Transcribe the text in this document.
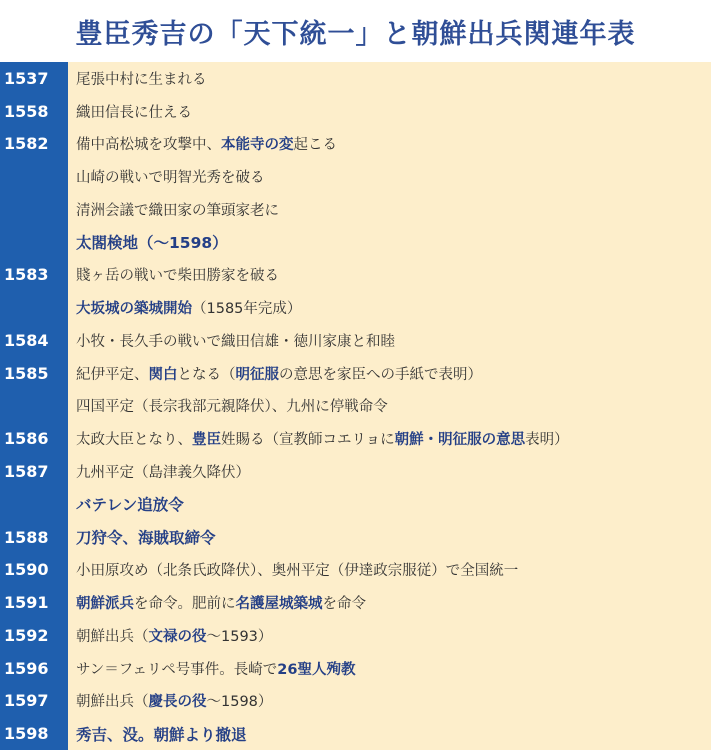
豊臣秀吉の「天下統一」と朝鮮出兵関連年表
1537	尾張中村に生まれる
1558	織田信長に仕える
1582	備中高松城を攻撃中、本能寺の変起こる
山崎の戦いで明智光秀を破る
清洲会議で織田家の筆頭家老に
太閤検地（〜1598）
1583	賤ヶ岳の戦いで柴田勝家を破る
大坂城の築城開始（1585年完成）
1584	小牧・長久手の戦いで織田信雄・徳川家康と和睦
1585	紀伊平定、関白となる（明征服の意思を家臣への手紙で表明）
四国平定（長宗我部元親降伏）、九州に停戦命令
1586	太政大臣となり、豊臣姓賜る（宣教師コエリョに朝鮮・明征服の意思表明）
1587	九州平定（島津義久降伏）
バテレン追放令
1588	刀狩令、海賊取締令
1590	小田原攻め（北条氏政降伏）、奥州平定（伊達政宗服従）で全国統一
1591	朝鮮派兵を命令。肥前に名護屋城築城を命令
1592	朝鮮出兵（文禄の役〜1593）
1596	サン＝フェリペ号事件。長崎で26聖人殉教
1597	朝鮮出兵（慶長の役〜1598）
1598	秀吉、没。朝鮮より撤退
